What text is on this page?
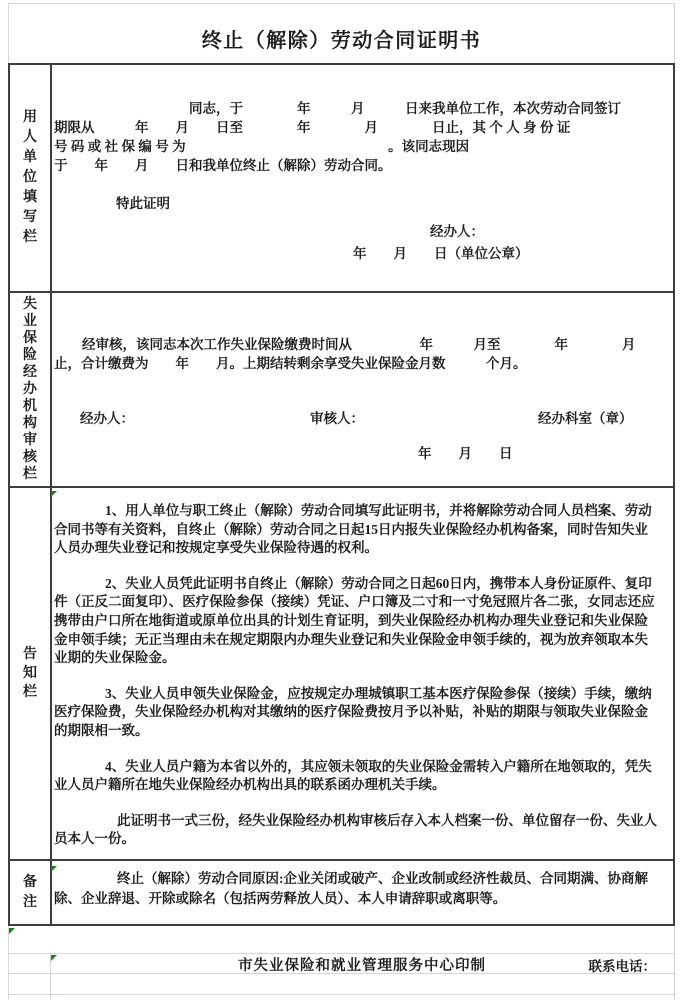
终止（解除）劳动合同证明书
用
人
单
位
填
写
栏
同志，于　　　　年　　　月　　　日来我单位工作，本次劳动合同签订
期限从　　　年　　月　　日至　　　　年　　　　月　　　　日止，其 个 人 身 份 证
号 码 或 社 保 编 号 为　　　　　　　　　　　　　　　。该同志现因
于　　年　　月　　日和我单位终止（解除）劳动合同。
特此证明
经办人：
年　　月　　日（单位公章）
失
业
保
险
经
办
机
构
审
核
栏
经审核，该同志本次工作失业保险缴费时间从　　　　　年　　　月至　　　　年　　　　月
止，合计缴费为　　年　　月。上期结转剩余享受失业保险金月数　　　个月。
经办人：	审核人：	经办科室（章）
年　　月　　日
告
知
栏

1、用人单位与职工终止（解除）劳动合同填写此证明书，并将解除劳动合同人员档案、劳动合同书等有关资料，自终止（解除）劳动合同之日起15日内报失业保险经办机构备案，同时告知失业人员办理失业登记和按规定享受失业保险待遇的权利。

2、失业人员凭此证明书自终止（解除）劳动合同之日起60日内，携带本人身份证原件、复印件（正反二面复印）、医疗保险参保（接续）凭证、户口簿及二寸和一寸免冠照片各二张，女同志还应携带由户口所在地街道或原单位出具的计划生育证明，到失业保险经办机构办理失业登记和失业保险金申领手续；无正当理由未在规定期限内办理失业登记和失业保险金申领手续的，视为放弃领取本失业期的失业保险金。

3、失业人员申领失业保险金，应按规定办理城镇职工基本医疗保险参保（接续）手续，缴纳医疗保险费，失业保险经办机构对其缴纳的医疗保险费按月予以补贴，补贴的期限与领取失业保险金的期限相一致。

4、失业人员户籍为本省以外的，其应领未领取的失业保险金需转入户籍所在地领取的，凭失业人员户籍所在地失业保险经办机构出具的联系函办理机关手续。

此证明书一式三份，经失业保险经办机构审核后存入本人档案一份、单位留存一份、失业人员本人一份。

备
注

终止（解除）劳动合同原因:企业关闭或破产、企业改制或经济性裁员、合同期满、协商解除、企业辞退、开除或除名（包括两劳释放人员）、本人申请辞职或离职等。

市失业保险和就业管理服务中心印制	联系电话：
